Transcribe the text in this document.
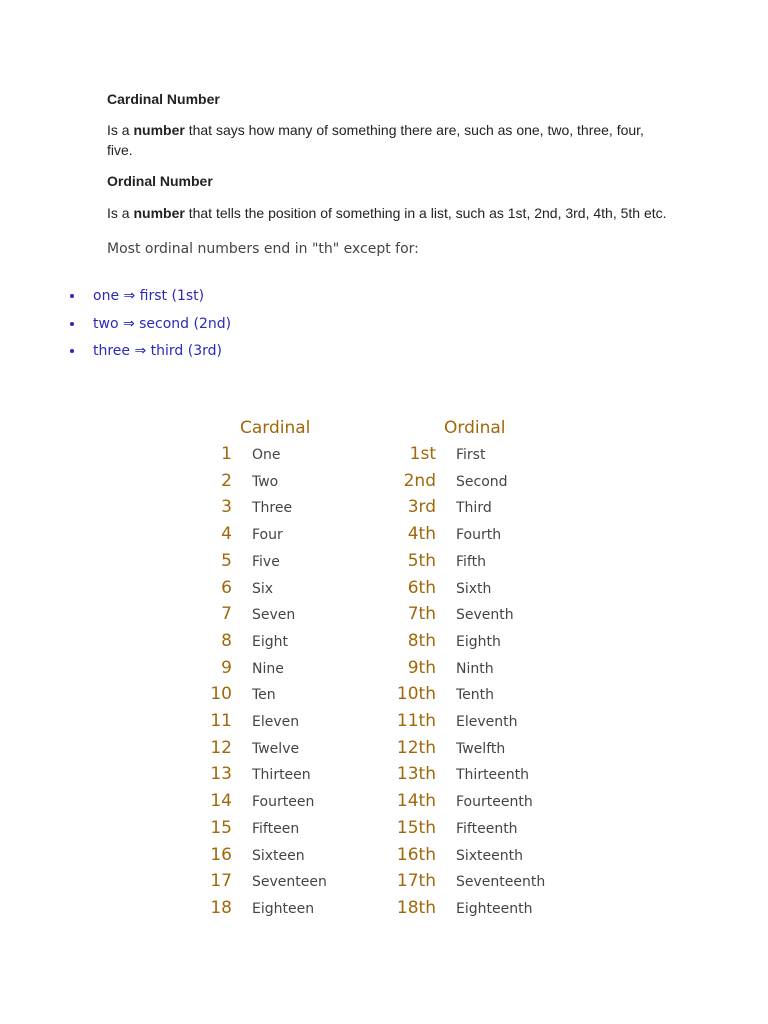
Cardinal Number

Is a number that says how many of something there are, such as one, two, three, four, five.

Ordinal Number

Is a number that tells the position of something in a list, such as 1st, 2nd, 3rd, 4th, 5th etc.

Most ordinal numbers end in "th" except for:

one ⇒ first (1st)
two ⇒ second (2nd)
three ⇒ third (3rd)
Cardinal	Ordinal
1 One	1st First
2 Two	2nd Second
3 Three	3rd Third
4 Four	4th Fourth
5 Five	5th Fifth
6 Six	6th Sixth
7 Seven	7th Seventh
8 Eight	8th Eighth
9 Nine	9th Ninth
10 Ten	10th Tenth
11 Eleven	11th Eleventh
12 Twelve	12th Twelfth
13 Thirteen	13th Thirteenth
14 Fourteen	14th Fourteenth
15 Fifteen	15th Fifteenth
16 Sixteen	16th Sixteenth
17 Seventeen	17th Seventeenth
18 Eighteen	18th Eighteenth
